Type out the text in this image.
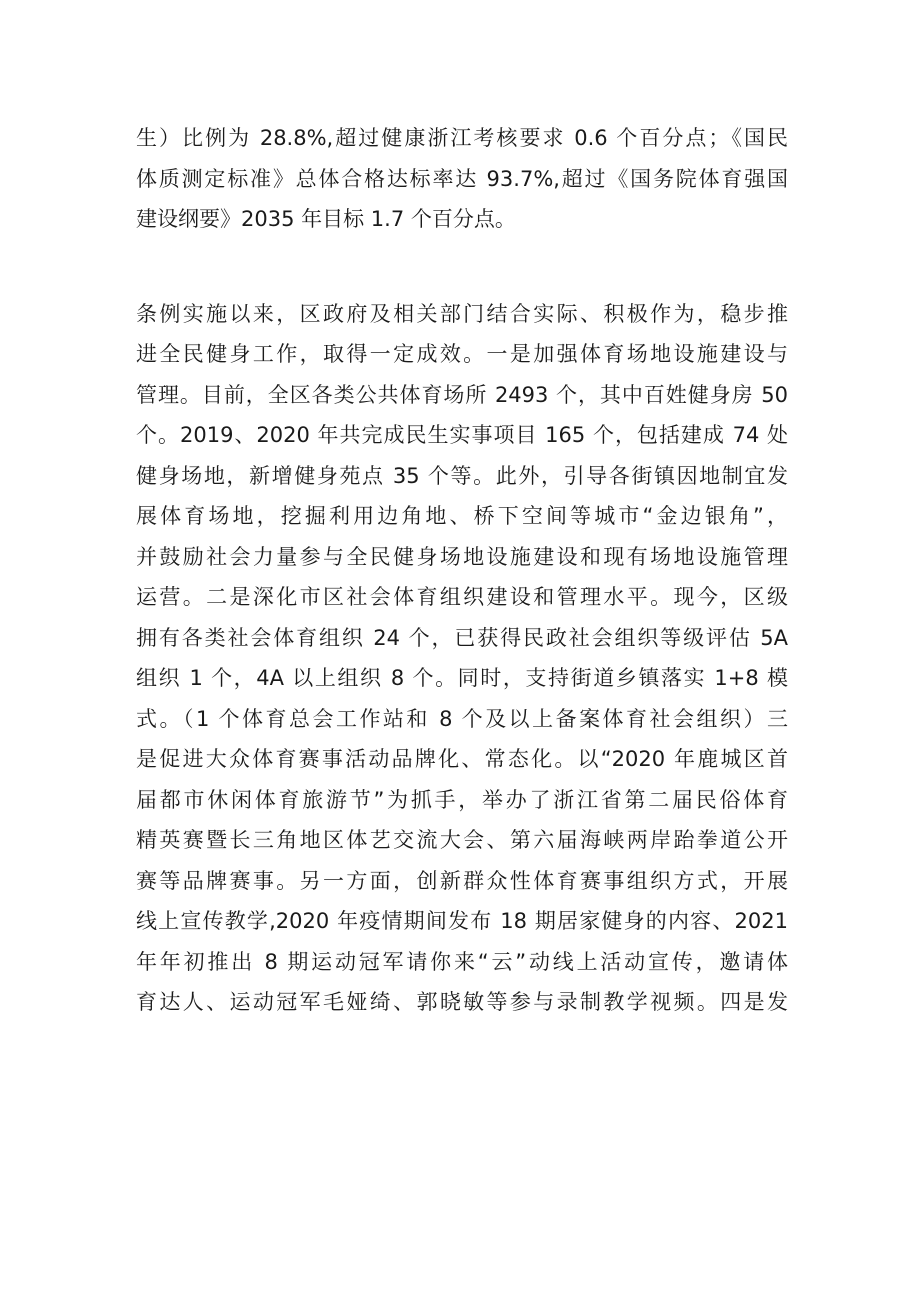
生）比例为 28.8%,超过健康浙江考核要求 0.6 个百分点；《国民
体质测定标准》总体合格达标率达 93.7%,超过《国务院体育强国
建设纲要》2035 年目标 1.7 个百分点。
条例实施以来，区政府及相关部门结合实际、积极作为，稳步推
进全民健身工作，取得一定成效。一是加强体育场地设施建设与
管理。目前，全区各类公共体育场所 2493 个，其中百姓健身房 50
个。2019、2020 年共完成民生实事项目 165 个，包括建成 74 处
健身场地，新增健身苑点 35 个等。此外，引导各街镇因地制宜发
展体育场地，挖掘利用边角地、桥下空间等城市“金边银角”，
并鼓励社会力量参与全民健身场地设施建设和现有场地设施管理
运营。二是深化市区社会体育组织建设和管理水平。现今，区级
拥有各类社会体育组织 24 个，已获得民政社会组织等级评估 5A
组织 1 个，4A 以上组织 8 个。同时，支持街道乡镇落实 1+8 模
式。（1 个体育总会工作站和 8 个及以上备案体育社会组织）三
是促进大众体育赛事活动品牌化、常态化。以“2020 年鹿城区首
届都市休闲体育旅游节”为抓手，举办了浙江省第二届民俗体育
精英赛暨长三角地区体艺交流大会、第六届海峡两岸跆拳道公开
赛等品牌赛事。另一方面，创新群众性体育赛事组织方式，开展
线上宣传教学,2020 年疫情期间发布 18 期居家健身的内容、2021
年年初推出 8 期运动冠军请你来“云”动线上活动宣传，邀请体
育达人、运动冠军毛娅绮、郭晓敏等参与录制教学视频。四是发
